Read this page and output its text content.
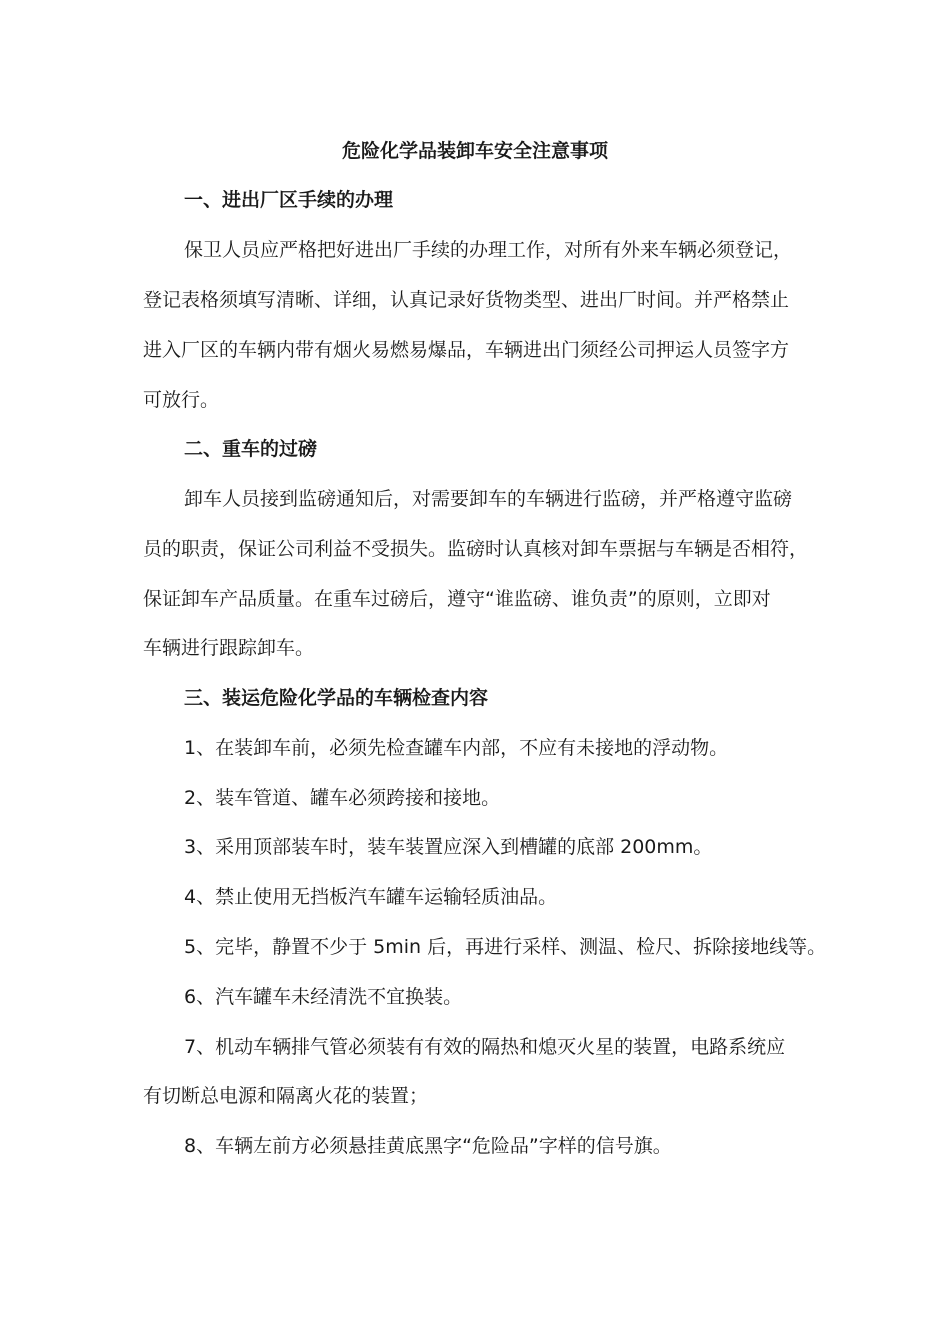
危险化学品装卸车安全注意事项
一、进出厂区手续的办理
保卫人员应严格把好进出厂手续的办理工作，对所有外来车辆必须登记，
登记表格须填写清晰、详细，认真记录好货物类型、进出厂时间。并严格禁止
进入厂区的车辆内带有烟火易燃易爆品，车辆进出门须经公司押运人员签字方
可放行。
二、重车的过磅
卸车人员接到监磅通知后，对需要卸车的车辆进行监磅，并严格遵守监磅
员的职责，保证公司利益不受损失。监磅时认真核对卸车票据与车辆是否相符，
保证卸车产品质量。在重车过磅后，遵守“谁监磅、谁负责”的原则，立即对
车辆进行跟踪卸车。
三、装运危险化学品的车辆检查内容
1、在装卸车前，必须先检查罐车内部，不应有未接地的浮动物。
2、装车管道、罐车必须跨接和接地。
3、采用顶部装车时，装车装置应深入到槽罐的底部 200mm。
4、禁止使用无挡板汽车罐车运输轻质油品。
5、完毕，静置不少于 5min 后，再进行采样、测温、检尺、拆除接地线等。
6、汽车罐车未经清洗不宜换装。
7、机动车辆排气管必须装有有效的隔热和熄灭火星的装置，电路系统应
有切断总电源和隔离火花的装置；
8、车辆左前方必须悬挂黄底黑字“危险品”字样的信号旗。
